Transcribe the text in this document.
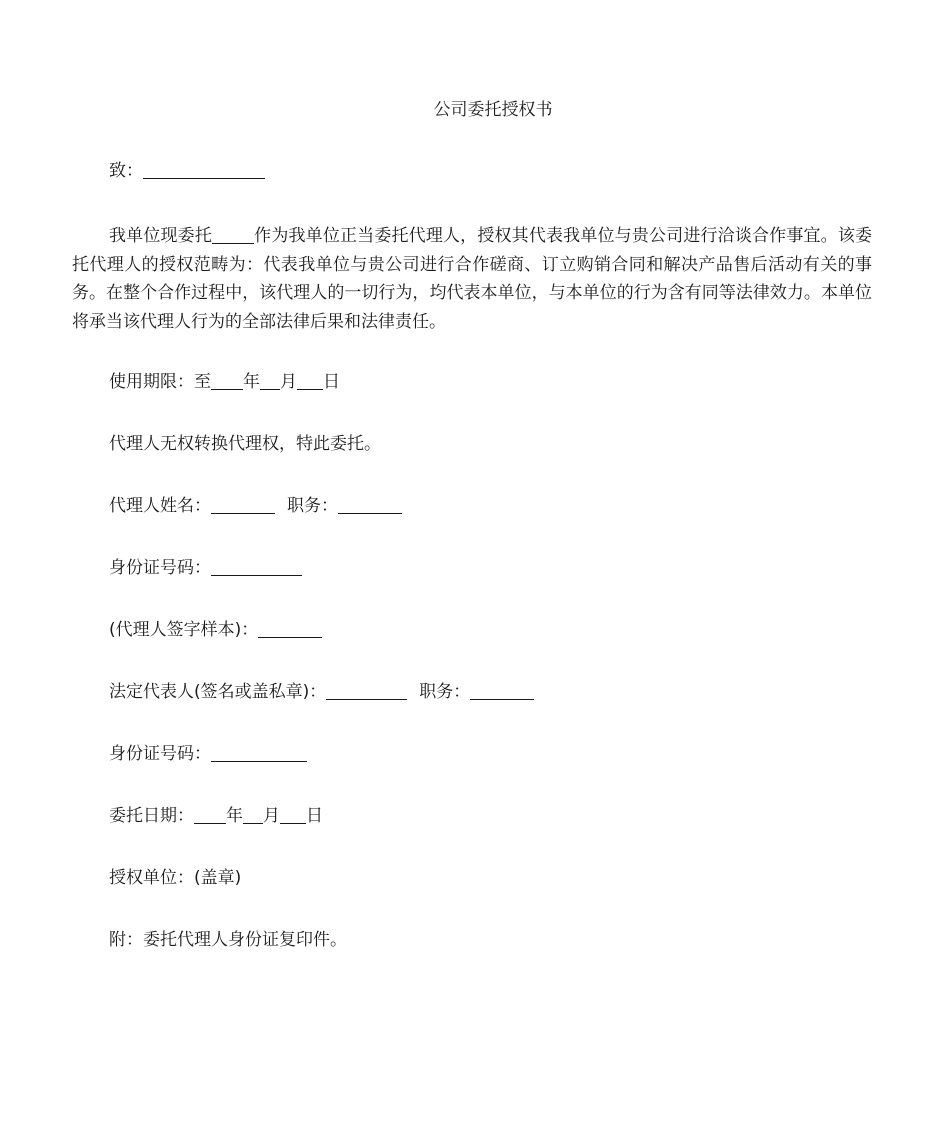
公司委托授权书
致：
我单位现委托 作为我单位正当委托代理人，授权其代表我单位与贵公司进行洽谈合作事宜。该委托代理人的授权范畴为：代表我单位与贵公司进行合作磋商、订立购销合同和解决产品售后活动有关的事务。在整个合作过程中，该代理人的一切行为，均代表本单位，与本单位的行为含有同等法律效力。本单位将承当该代理人行为的全部法律后果和法律责任。
使用期限：至 年 月 日
代理人无权转换代理权，特此委托。
代理人姓名：	职务：
身份证号码：
(代理人签字样本)：
法定代表人(签名或盖私章)：	职务：
身份证号码：
委托日期： 年 月 日
授权单位：(盖章)
附：委托代理人身份证复印件。
